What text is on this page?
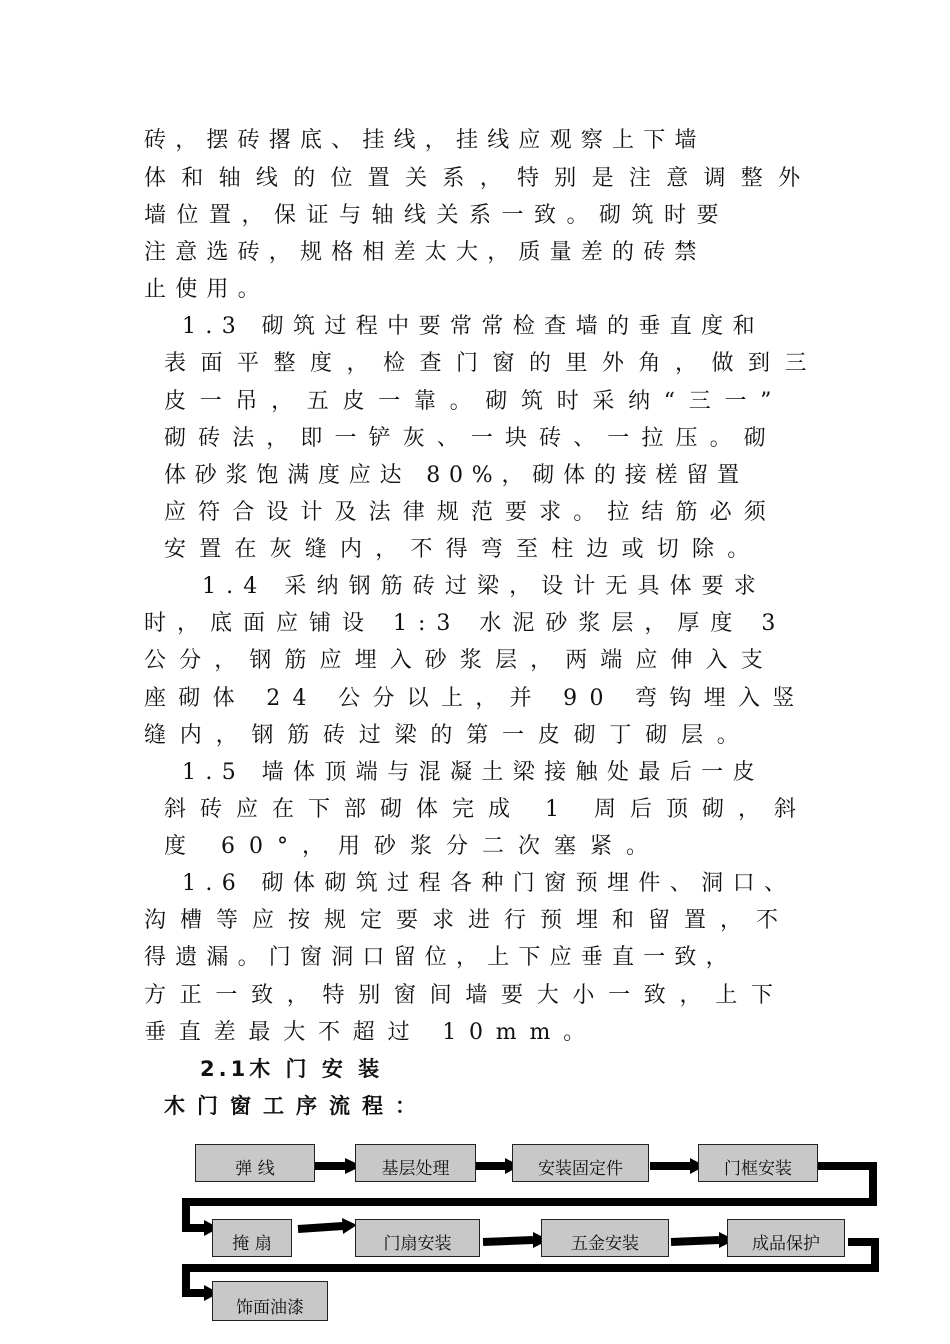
砖，摆砖撂底、挂线，挂线应观察上下墙
体和轴线的位置关系，特别是注意调整外
墙位置，保证与轴线关系一致。砌筑时要
注意选砖，规格相差太大，质量差的砖禁
止使用。
1.3 砌筑过程中要常常检查墙的垂直度和
表面平整度，检查门窗的里外角，做到三
皮一吊，五皮一靠。砌筑时采纳“三一”
砌砖法，即一铲灰、一块砖、一拉压。砌
体砂浆饱满度应达 80%，砌体的接槎留置
应符合设计及法律规范要求。拉结筋必须
安置在灰缝内，不得弯至柱边或切除。
1.4 采纳钢筋砖过梁，设计无具体要求
时，底面应铺设 1:3 水泥砂浆层，厚度 3
公分，钢筋应埋入砂浆层，两端应伸入支
座砌体 24 公分以上，并 90 弯钩埋入竖
缝内，钢筋砖过梁的第一皮砌丁砌层。
1.5 墙体顶端与混凝土梁接触处最后一皮
斜砖应在下部砌体完成 1 周后顶砌，斜
度 60°，用砂浆分二次塞紧。
1.6 砌体砌筑过程各种门窗预埋件、洞口、
沟槽等应按规定要求进行预埋和留置，不
得遗漏。门窗洞口留位，上下应垂直一致，
方正一致，特别窗间墙要大小一致，上下
垂直差最大不超过 10mm。
2.1木 门 安 装
木门窗工序流程：
弹 线	基层处理	安装固定件	门框安装
掩 扇	门扇安装	五金安装	成品保护
饰面油漆
